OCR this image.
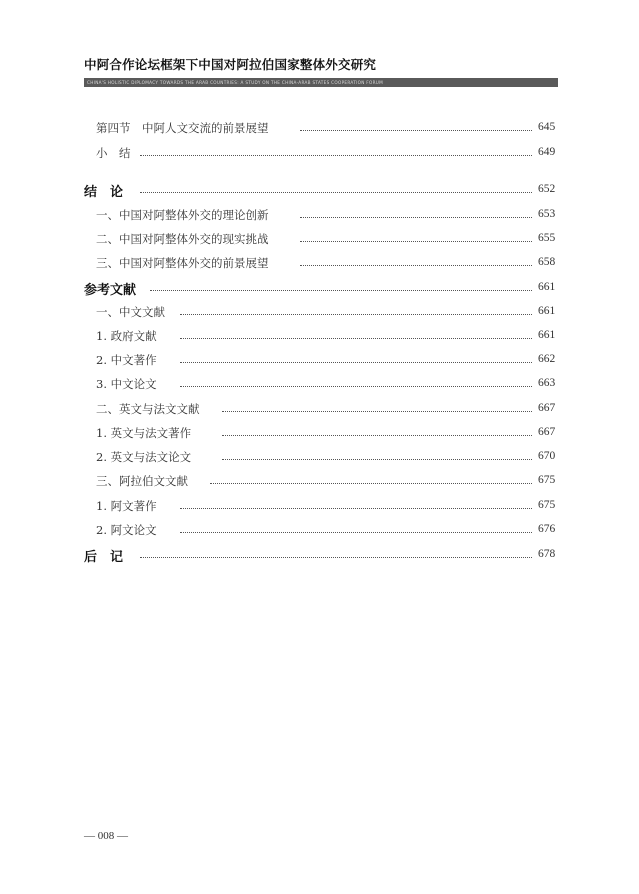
中阿合作论坛框架下中国对阿拉伯国家整体外交研究
CHINA'S HOLISTIC DIPLOMACY TOWARDS THE ARAB COUNTRIES: A STUDY ON THE CHINA-ARAB STATES COOPERATION FORUM
第四节　中阿人文交流的前景展望	645
小　结	649
结　论	652
一、中国对阿整体外交的理论创新	653
二、中国对阿整体外交的现实挑战	655
三、中国对阿整体外交的前景展望	658
参考文献	661
一、中文文献	661
1. 政府文献	661
2. 中文著作	662
3. 中文论文	663
二、英文与法文文献	667
1. 英文与法文著作	667
2. 英文与法文论文	670
三、阿拉伯文文献	675
1. 阿文著作	675
2. 阿文论文	676
后　记	678
— 008 —
